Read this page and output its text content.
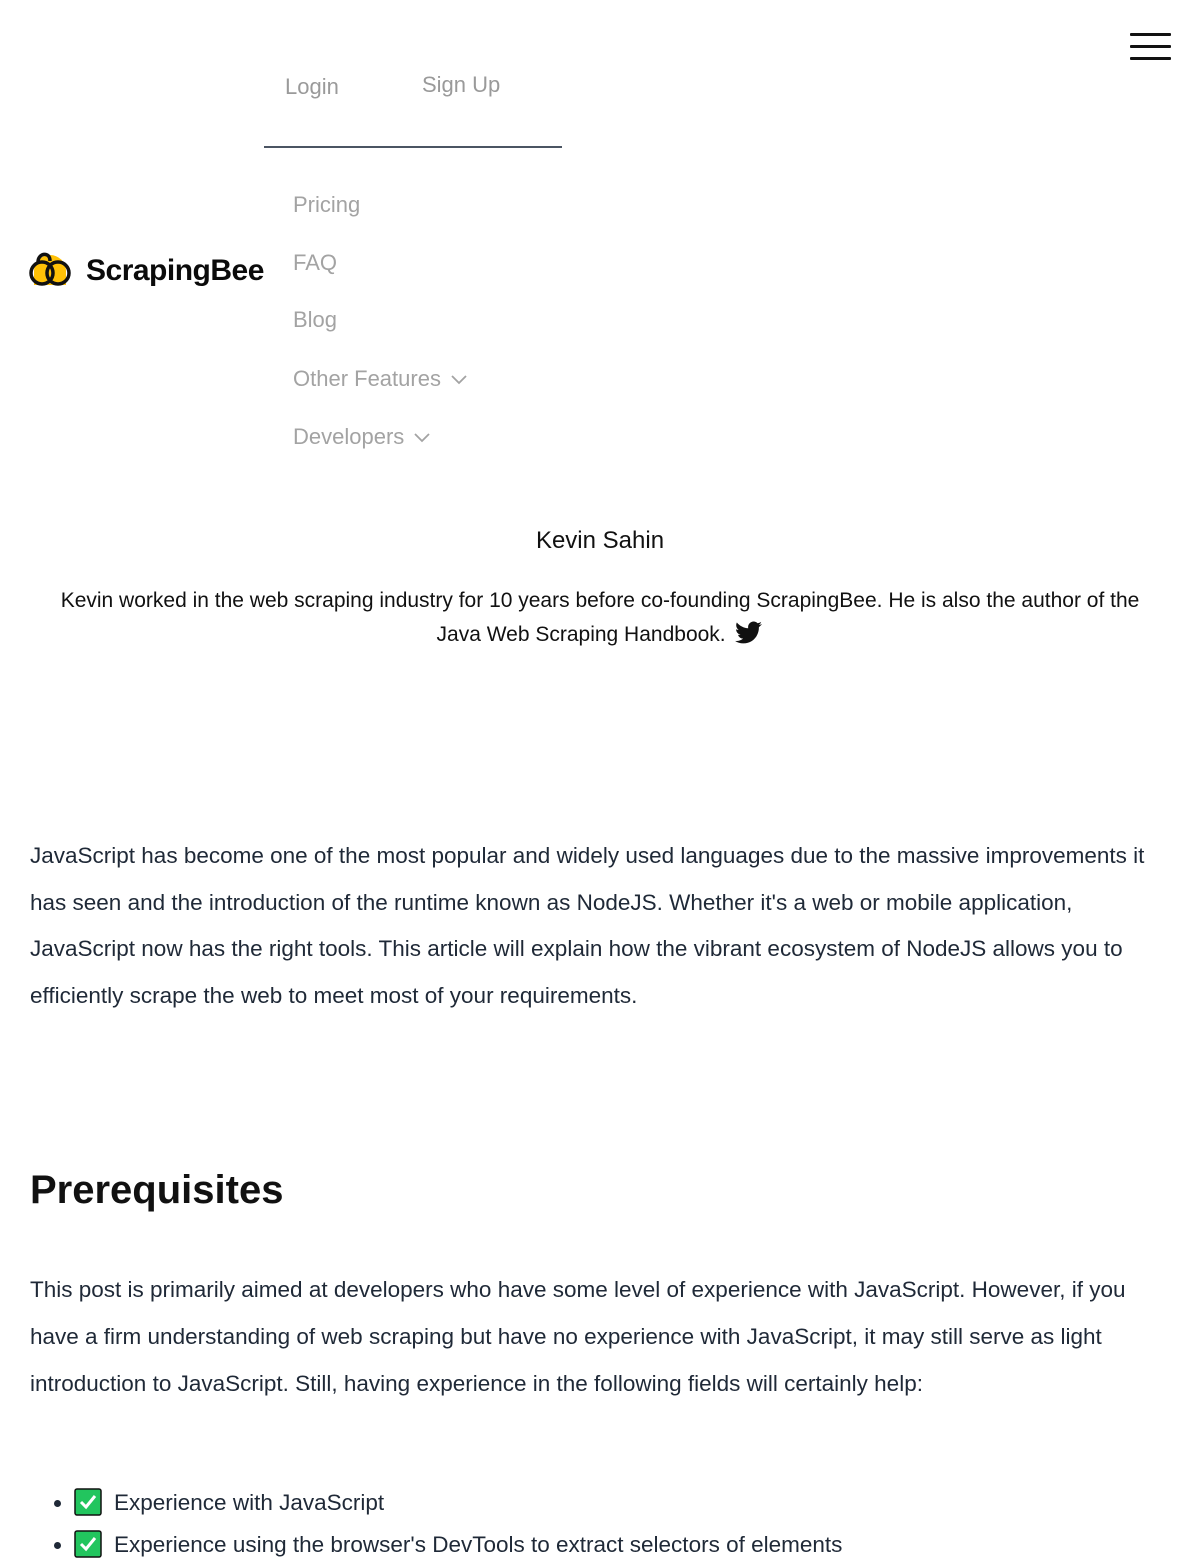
ScrapingBee
Login	Sign Up
Pricing
FAQ
Blog
Other Features
Developers
Kevin Sahin
Kevin worked in the web scraping industry for 10 years before co-founding ScrapingBee. He is also the author of the Java Web Scraping Handbook.

JavaScript has become one of the most popular and widely used languages due to the massive improvements it has seen and the introduction of the runtime known as NodeJS. Whether it's a web or mobile application, JavaScript now has the right tools. This article will explain how the vibrant ecosystem of NodeJS allows you to efficiently scrape the web to meet most of your requirements.

Prerequisites

This post is primarily aimed at developers who have some level of experience with JavaScript. However, if you have a firm understanding of web scraping but have no experience with JavaScript, it may still serve as light introduction to JavaScript. Still, having experience in the following fields will certainly help:

• Experience with JavaScript
• Experience using the browser's DevTools to extract selectors of elements
